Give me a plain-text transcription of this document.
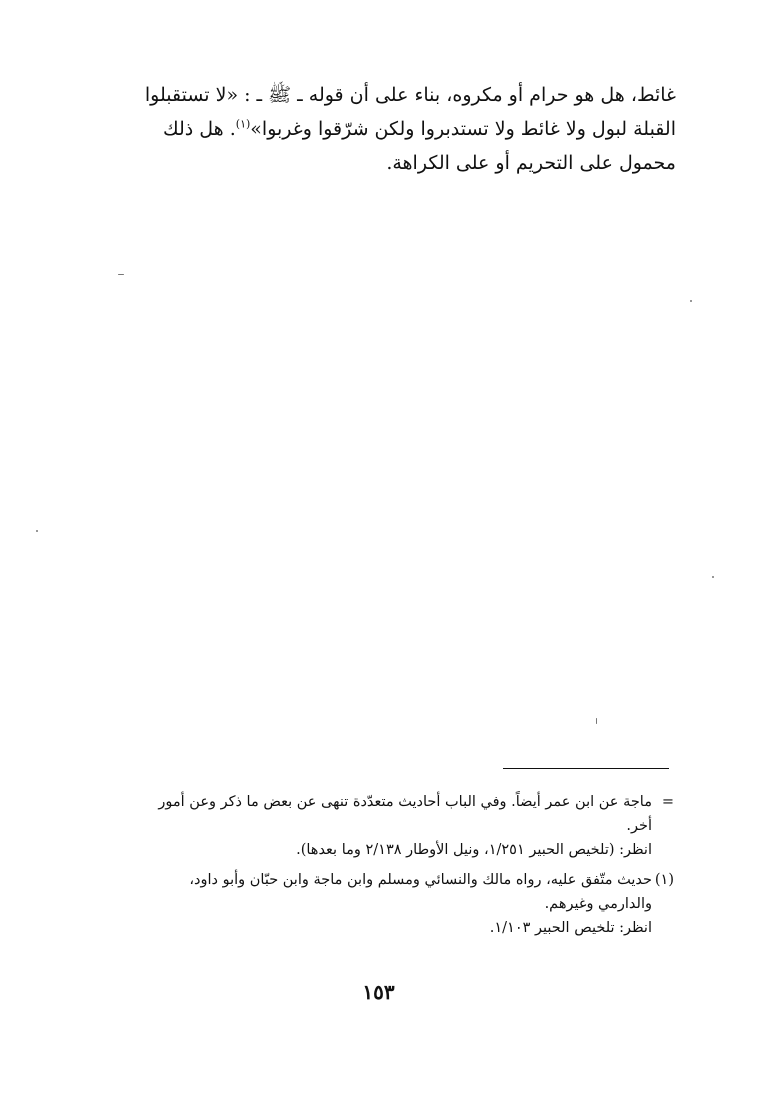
غائط، هل هو حرام أو مكروه، بناء على أن قوله ـ ﷺ ـ : «لا تستقبلوا

القبلة لبول ولا غائط ولا تستدبروا ولكن شرّقوا وغربوا»$^{(١)}$. هل ذلك

محمول على التحريم أو على الكراهة.

=ماجة عن ابن عمر أيضاً. وفي الباب أحاديث متعدّدة تنهى عن بعض ما ذكر وعن أمور
أخر.
انظر: (تلخيص الحبير ١/٢٥١، ونيل الأوطار ٢/١٣٨ وما بعدها).
(١)حديث متّفق عليه، رواه مالك والنسائي ومسلم وابن ماجة وابن حبّان وأبو داود،
والدارمي وغيرهم.
انظر: تلخيص الحبير ١/١٠٣.
١٥٣
